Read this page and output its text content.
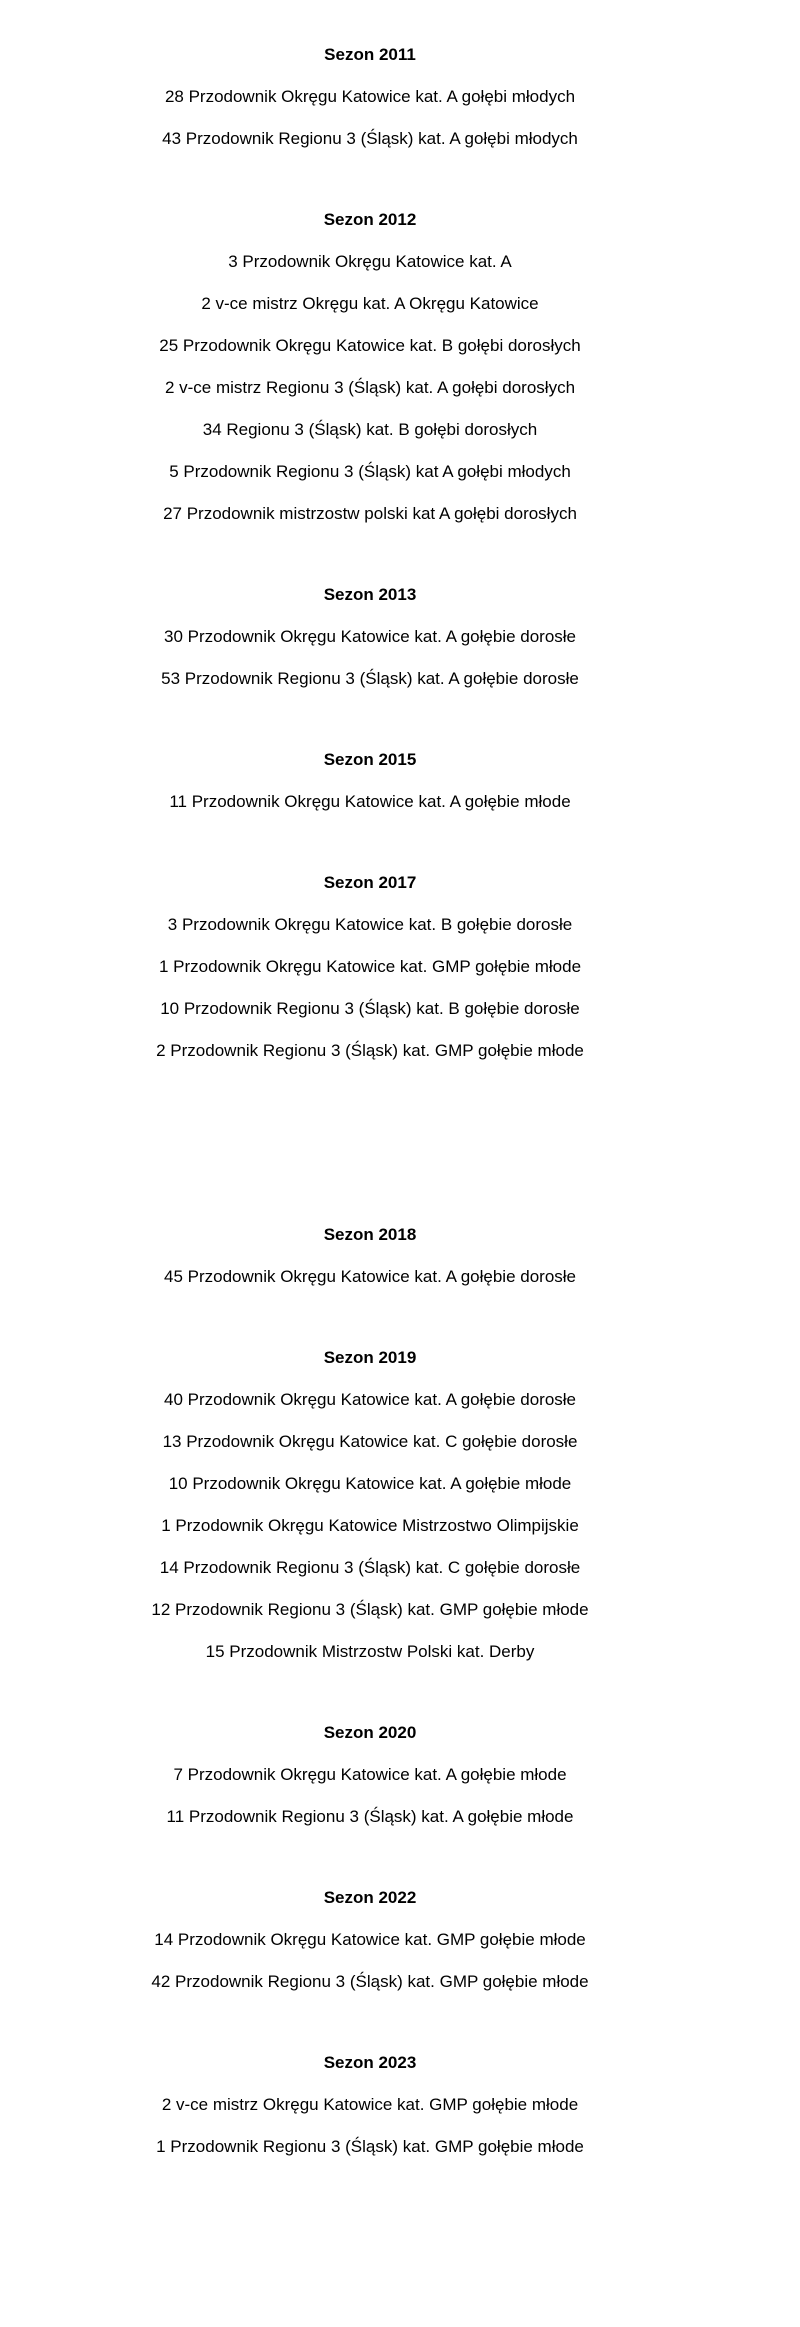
Sezon 2011

28 Przodownik Okręgu Katowice kat. A gołębi młodych

43 Przodownik Regionu 3 (Śląsk) kat. A gołębi młodych

Sezon 2012

3 Przodownik Okręgu Katowice kat. A

2 v-ce mistrz Okręgu kat. A Okręgu Katowice

25 Przodownik Okręgu Katowice kat. B gołębi dorosłych

2 v-ce mistrz Regionu 3 (Śląsk) kat. A gołębi dorosłych

34 Regionu 3 (Śląsk) kat. B gołębi dorosłych

5 Przodownik Regionu 3 (Śląsk) kat A gołębi młodych

27 Przodownik mistrzostw polski kat A gołębi dorosłych

Sezon 2013

30 Przodownik Okręgu Katowice kat. A gołębie dorosłe

53 Przodownik Regionu 3 (Śląsk) kat. A gołębie dorosłe

Sezon 2015

11 Przodownik Okręgu Katowice kat. A gołębie młode

Sezon 2017

3 Przodownik Okręgu Katowice kat. B gołębie dorosłe

1 Przodownik Okręgu Katowice kat. GMP gołębie młode

10 Przodownik Regionu 3 (Śląsk) kat. B gołębie dorosłe

2 Przodownik Regionu 3 (Śląsk) kat. GMP gołębie młode

Sezon 2018

45 Przodownik Okręgu Katowice kat. A gołębie dorosłe

Sezon 2019

40 Przodownik Okręgu Katowice kat. A gołębie dorosłe

13 Przodownik Okręgu Katowice kat. C gołębie dorosłe

10 Przodownik Okręgu Katowice kat. A gołębie młode

1 Przodownik Okręgu Katowice Mistrzostwo Olimpijskie

14 Przodownik Regionu 3 (Śląsk) kat. C gołębie dorosłe

12 Przodownik Regionu 3 (Śląsk) kat. GMP gołębie młode

15 Przodownik Mistrzostw Polski kat. Derby

Sezon 2020

7 Przodownik Okręgu Katowice kat. A gołębie młode

11 Przodownik Regionu 3 (Śląsk) kat. A gołębie młode

Sezon 2022

14 Przodownik Okręgu Katowice kat. GMP gołębie młode

42 Przodownik Regionu 3 (Śląsk) kat. GMP gołębie młode

Sezon 2023

2 v-ce mistrz Okręgu Katowice kat. GMP gołębie młode

1 Przodownik Regionu 3 (Śląsk) kat. GMP gołębie młode
